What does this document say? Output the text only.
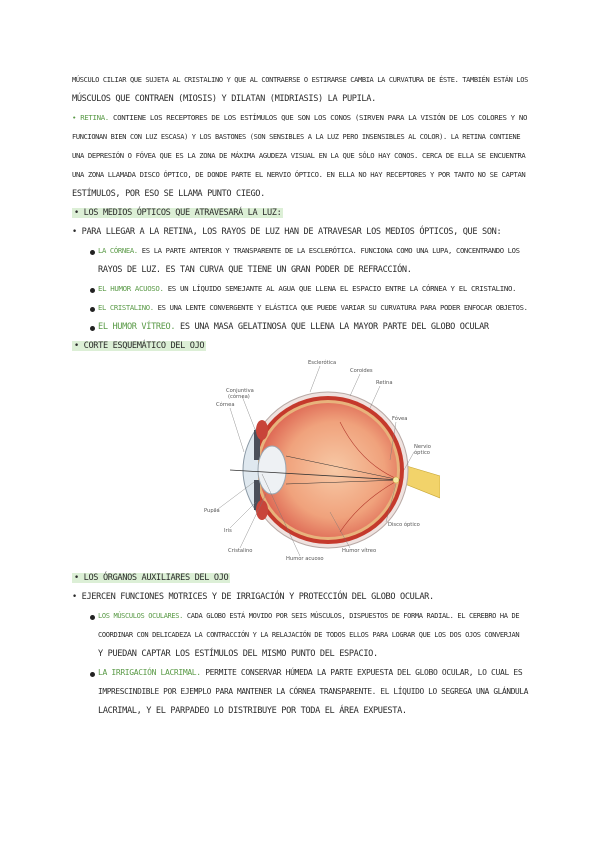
MÚSCULO CILIAR QUE SUJETA AL CRISTALINO Y QUE AL CONTRAERSE O ESTIRARSE CAMBIA LA CURVATURA DE ÉSTE. TAMBIÉN ESTÁN LOS
MÚSCULOS QUE CONTRAEN (MIOSIS) Y DILATAN (MIDRIASIS) LA PUPILA.
• RETINA. CONTIENE LOS RECEPTORES DE LOS ESTÍMULOS QUE SON LOS CONOS (SIRVEN PARA LA VISIÓN DE LOS COLORES Y NO
FUNCIONAN BIEN CON LUZ ESCASA) Y LOS BASTONES (SON SENSIBLES A LA LUZ PERO INSENSIBLES AL COLOR). LA RETINA CONTIENE
UNA DEPRESIÓN O FÓVEA QUE ES LA ZONA DE MÁXIMA AGUDEZA VISUAL EN LA QUE SÓLO HAY CONOS. CERCA DE ELLA SE ENCUENTRA
UNA ZONA LLAMADA DISCO ÓPTICO, DE DONDE PARTE EL NERVIO ÓPTICO. EN ELLA NO HAY RECEPTORES Y POR TANTO NO SE CAPTAN
ESTÍMULOS, POR ESO SE LLAMA PUNTO CIEGO.
• LOS MEDIOS ÓPTICOS QUE ATRAVESARÁ LA LUZ:
• PARA LLEGAR A LA RETINA, LOS RAYOS DE LUZ HAN DE ATRAVESAR LOS MEDIOS ÓPTICOS, QUE SON:
LA CÓRNEA. ES LA PARTE ANTERIOR Y TRANSPARENTE DE LA ESCLERÓTICA. FUNCIONA COMO UNA LUPA, CONCENTRANDO LOS
RAYOS DE LUZ. ES TAN CURVA QUE TIENE UN GRAN PODER DE REFRACCIÓN.
EL HUMOR ACUOSO. ES UN LÍQUIDO SEMEJANTE AL AGUA QUE LLENA EL ESPACIO ENTRE LA CÓRNEA Y EL CRISTALINO.
EL CRISTALINO. ES UNA LENTE CONVERGENTE Y ELÁSTICA QUE PUEDE VARIAR SU CURVATURA PARA PODER ENFOCAR OBJETOS.
EL HUMOR VÍTREO. ES UNA MASA GELATINOSA QUE LLENA LA MAYOR PARTE DEL GLOBO OCULAR
• CORTE ESQUEMÁTICO DEL OJO
Esclerótica
Coroides
Retina
Conjuntiva
(córnea)
Córnea
Fóvea
Nervio
óptico
Pupila
Iris
Disco óptico
Cristalino
Humor acuoso
Humor vítreo
• LOS ÓRGANOS AUXILIARES DEL OJO
• EJERCEN FUNCIONES MOTRICES Y DE IRRIGACIÓN Y PROTECCIÓN DEL GLOBO OCULAR.
LOS MÚSCULOS OCULARES. CADA GLOBO ESTÁ MOVIDO POR SEIS MÚSCULOS, DISPUESTOS DE FORMA RADIAL. EL CEREBRO HA DE
COORDINAR CON DELICADEZA LA CONTRACCIÓN Y LA RELAJACIÓN DE TODOS ELLOS PARA LOGRAR QUE LOS DOS OJOS CONVERJAN
Y PUEDAN CAPTAR LOS ESTÍMULOS DEL MISMO PUNTO DEL ESPACIO.
LA IRRIGACIÓN LACRIMAL. PERMITE CONSERVAR HÚMEDA LA PARTE EXPUESTA DEL GLOBO OCULAR, LO CUAL ES
IMPRESCINDIBLE POR EJEMPLO PARA MANTENER LA CÓRNEA TRANSPARENTE. EL LÍQUIDO LO SEGREGA UNA GLÁNDULA
LACRIMAL, Y EL PARPADEO LO DISTRIBUYE POR TODA EL ÁREA EXPUESTA.
